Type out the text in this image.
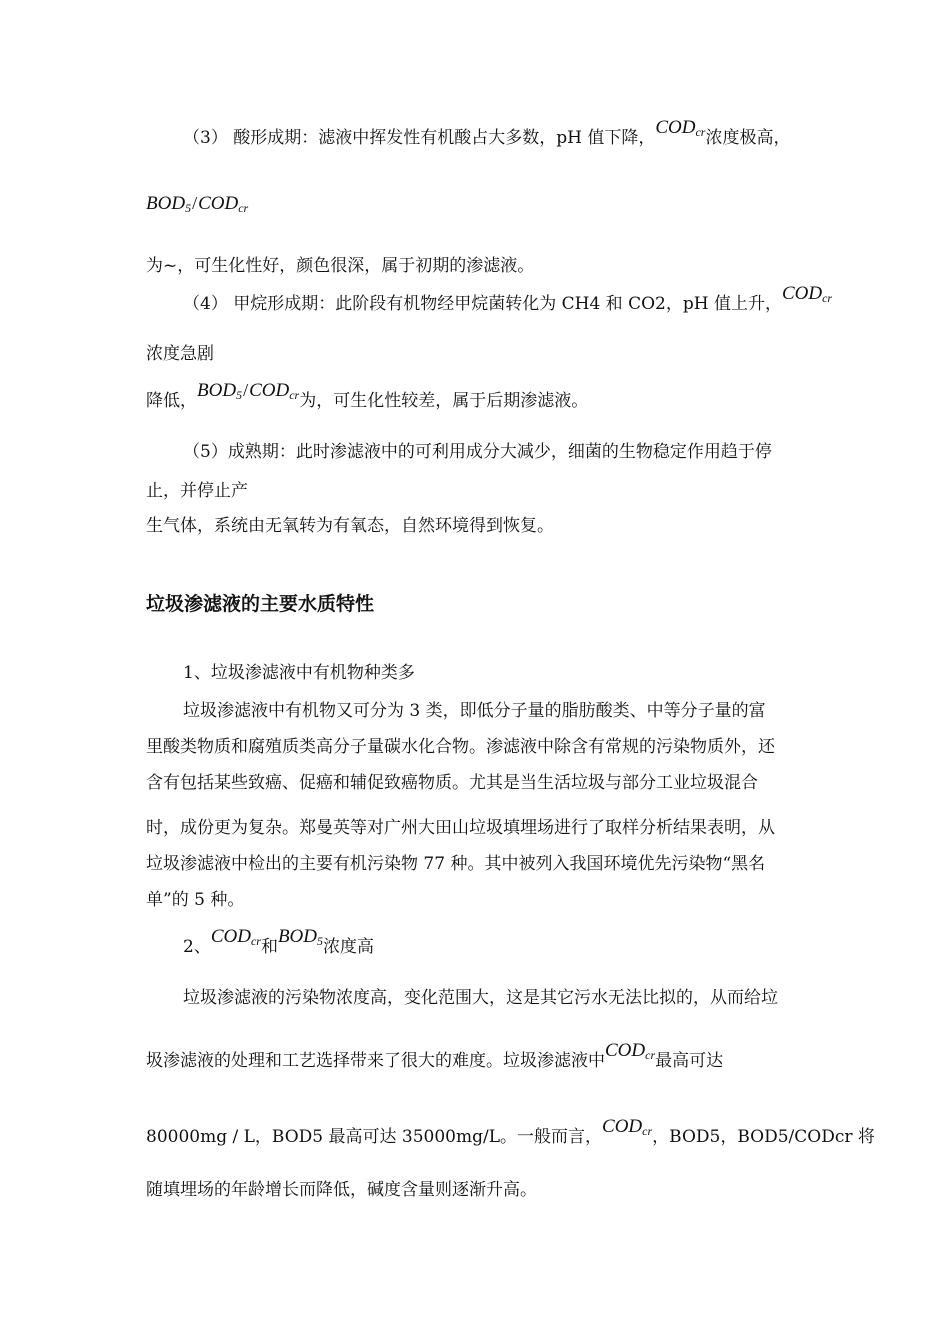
（3） 酸形成期：滤液中挥发性有机酸占大多数，pH 值下降，$COD_{cr}$浓度极高，
$BOD_5/COD_{cr}$
为~，可生化性好，颜色很深，属于初期的渗滤液。
（4） 甲烷形成期：此阶段有机物经甲烷菌转化为 CH4 和 CO2，pH 值上升，$COD_{cr}$
浓度急剧
降低，$BOD_5/COD_{cr}$为，可生化性较差，属于后期渗滤液。
（5）成熟期：此时渗滤液中的可利用成分大减少，细菌的生物稳定作用趋于停
止，并停止产
生气体，系统由无氧转为有氧态，自然环境得到恢复。
垃圾渗滤液的主要水质特性
1、垃圾渗滤液中有机物种类多
垃圾渗滤液中有机物又可分为 3 类，即低分子量的脂肪酸类、中等分子量的富
里酸类物质和腐殖质类高分子量碳水化合物。渗滤液中除含有常规的污染物质外，还
含有包括某些致癌、促癌和辅促致癌物质。尤其是当生活垃圾与部分工业垃圾混合
时，成份更为复杂。郑曼英等对广州大田山垃圾填埋场进行了取样分析结果表明，从
垃圾渗滤液中检出的主要有机污染物 77 种。其中被列入我国环境优先污染物“黑名
单”的 5 种。
2、$COD_{cr}$和$BOD_5$浓度高
垃圾渗滤液的污染物浓度高，变化范围大，这是其它污水无法比拟的，从而给垃
圾渗滤液的处理和工艺选择带来了很大的难度。垃圾渗滤液中$COD_{cr}$最高可达
80000mg / L，BOD5 最高可达 35000mg/L。一般而言，$COD_{cr}$，BOD5，BOD5/CODcr 将
随填埋场的年龄增长而降低，碱度含量则逐渐升高。
